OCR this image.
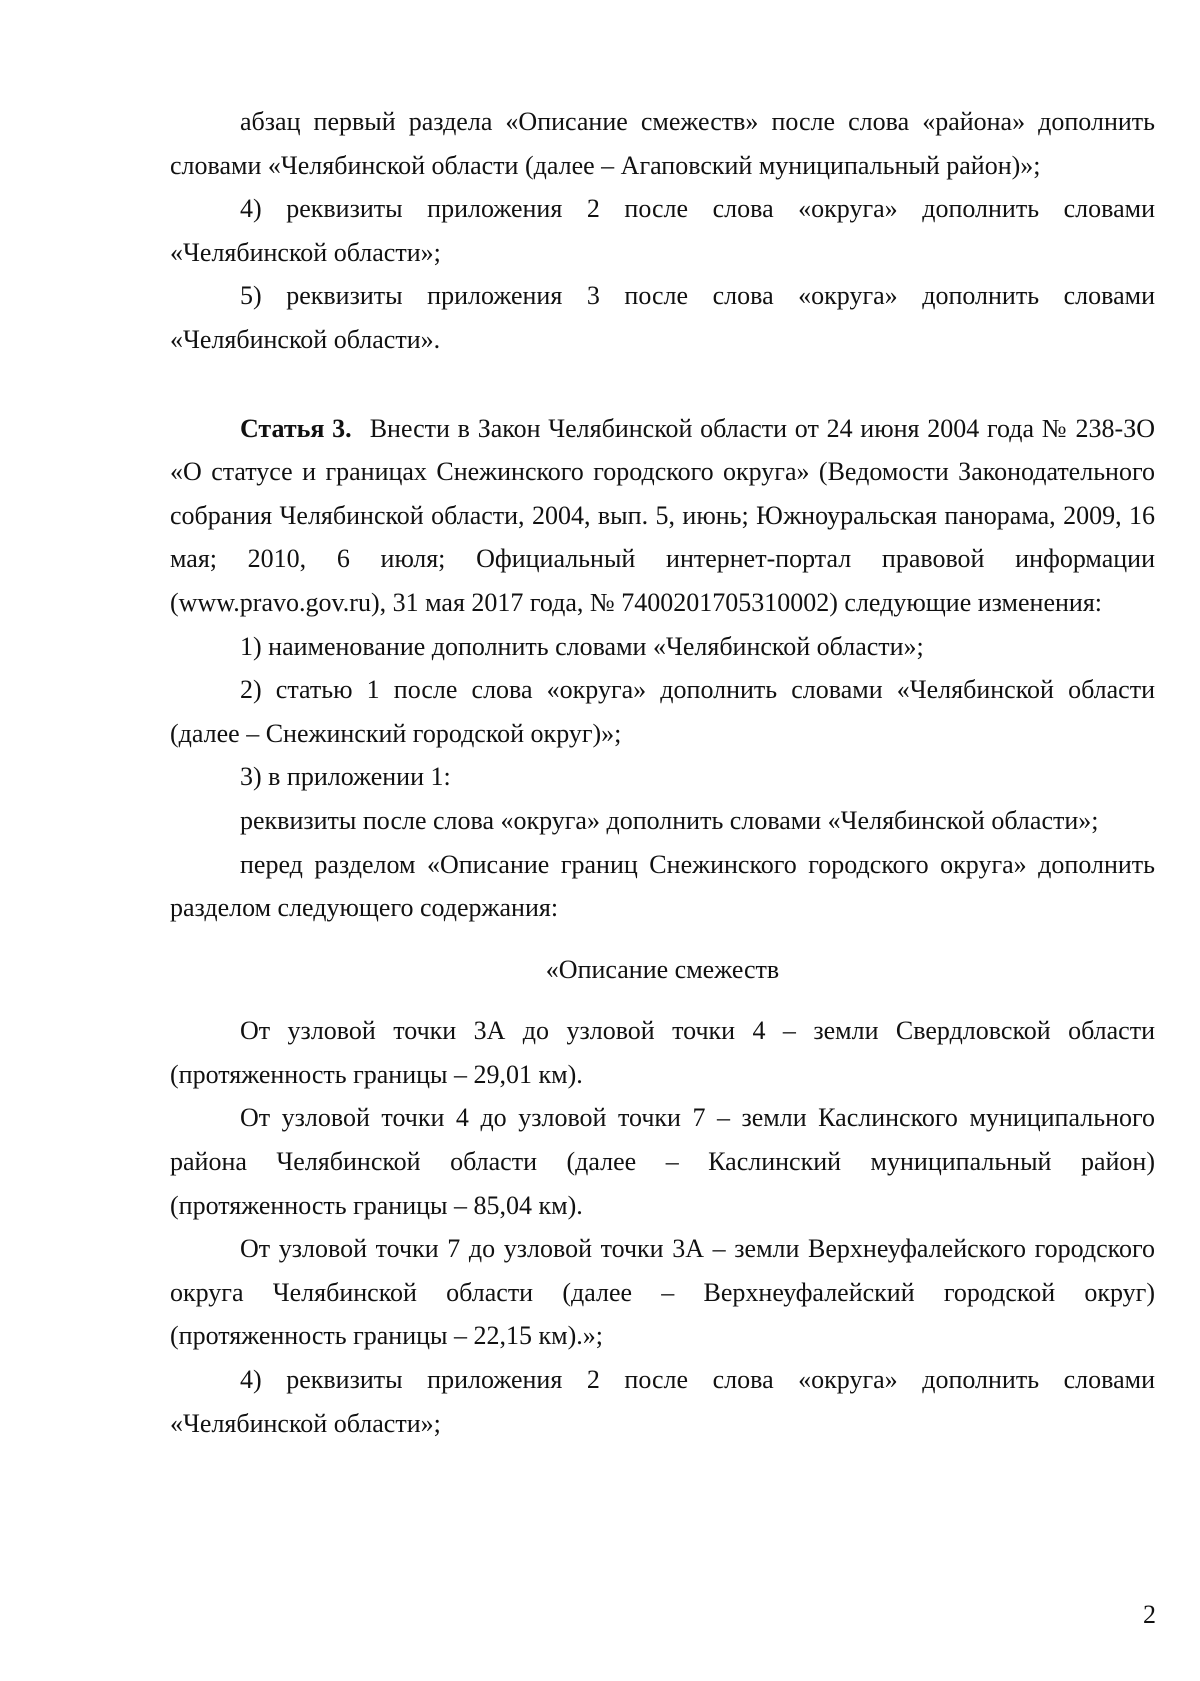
абзац первый раздела «Описание смежеств» после слова «района» дополнить словами «Челябинской области (далее – Агаповский муниципальный район)»;

4) реквизиты приложения 2 после слова «округа» дополнить словами «Челябинской области»;

5) реквизиты приложения 3 после слова «округа» дополнить словами «Челябинской области».

Статья 3. Внести в Закон Челябинской области от 24 июня 2004 года № 238-ЗО «О статусе и границах Снежинского городского округа» (Ведомости Законодательного собрания Челябинской области, 2004, вып. 5, июнь; Южноуральская панорама, 2009, 16 мая; 2010, 6 июля; Официальный интернет-портал правовой информации (www.pravo.gov.ru), 31 мая 2017 года, № 7400201705310002) следующие изменения:

1) наименование дополнить словами «Челябинской области»;

2) статью 1 после слова «округа» дополнить словами «Челябинской области (далее – Снежинский городской округ)»;

3) в приложении 1:

реквизиты после слова «округа» дополнить словами «Челябинской области»;

перед разделом «Описание границ Снежинского городского округа» дополнить разделом следующего содержания:

«Описание смежеств

От узловой точки 3А до узловой точки 4 – земли Свердловской области (протяженность границы – 29,01 км).

От узловой точки 4 до узловой точки 7 – земли Каслинского муниципального района Челябинской области (далее – Каслинский муниципальный район) (протяженность границы – 85,04 км).

От узловой точки 7 до узловой точки 3А – земли Верхнеуфалейского городского округа Челябинской области (далее – Верхнеуфалейский городской округ) (протяженность границы – 22,15 км).»;

4) реквизиты приложения 2 после слова «округа» дополнить словами «Челябинской области»;

2
